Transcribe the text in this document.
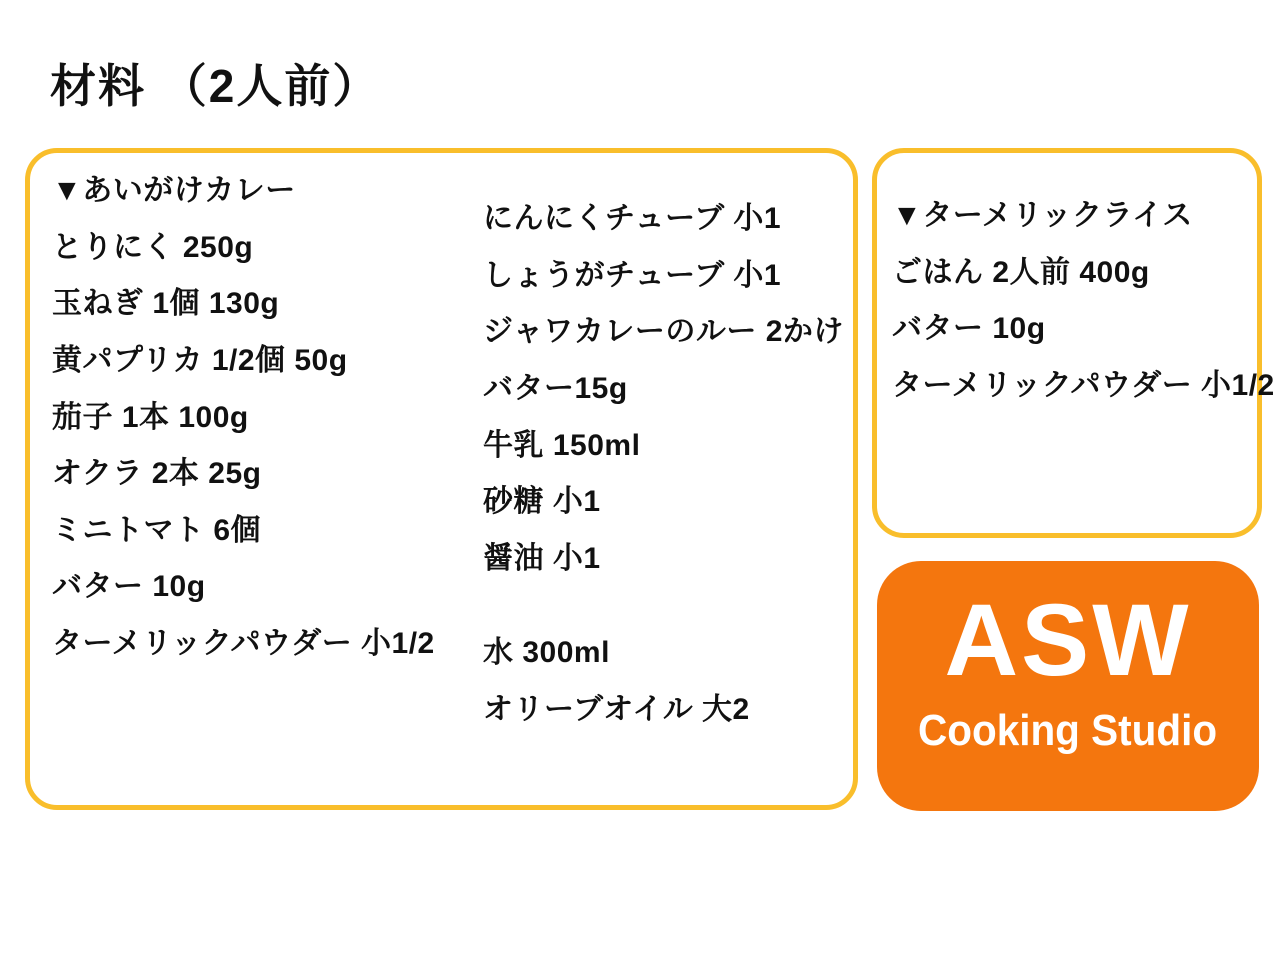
材料 （2人前）
▼あいがけカレー
とりにく 250g
玉ねぎ 1個 130g
黄パプリカ 1/2個 50g
茄子 1本 100g
オクラ 2本 25g
ミニトマト 6個
バター 10g
ターメリックパウダー 小1/2
にんにくチューブ 小1
しょうがチューブ 小1
ジャワカレーのルー 2かけ
バター15g
牛乳 150ml
砂糖 小1
醤油 小1
水 300ml
オリーブオイル 大2
▼ターメリックライス
ごはん 2人前 400g
バター 10g
ターメリックパウダー 小1/2
ASW
Cooking Studio
